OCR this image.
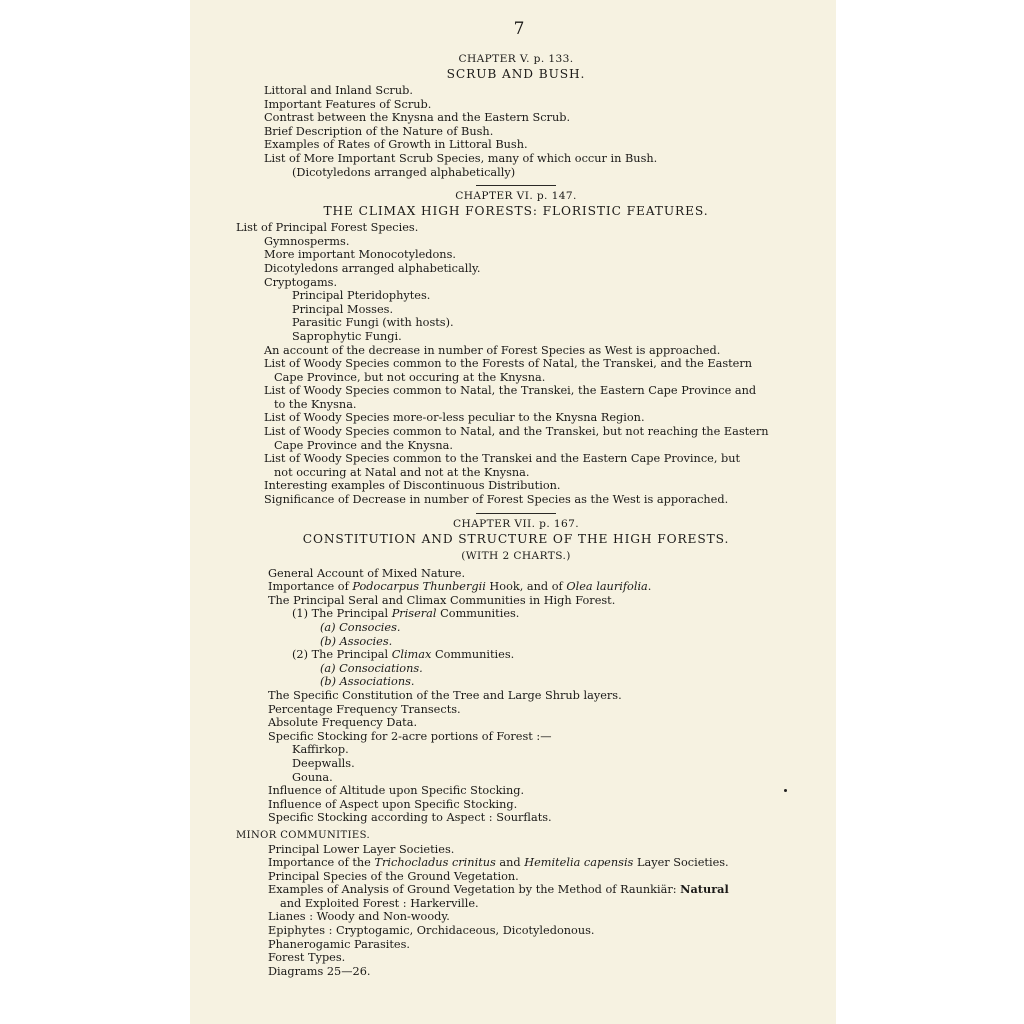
7
CHAPTER V. p. 133.
SCRUB AND BUSH.
Littoral and Inland Scrub.
Important Features of Scrub.
Contrast between the Knysna and the Eastern Scrub.
Brief Description of the Nature of Bush.
Examples of Rates of Growth in Littoral Bush.
List of More Important Scrub Species, many of which occur in Bush.
(Dicotyledons arranged alphabetically)
CHAPTER VI. p. 147.
THE CLIMAX HIGH FORESTS: FLORISTIC FEATURES.
List of Principal Forest Species.
Gymnosperms.
More important Monocotyledons.
Dicotyledons arranged alphabetically.
Cryptogams.
Principal Pteridophytes.
Principal Mosses.
Parasitic Fungi (with hosts).
Saprophytic Fungi.
An account of the decrease in number of Forest Species as West is approached.
List of Woody Species common to the Forests of Natal, the Transkei, and the Eastern
Cape Province, but not occuring at the Knysna.
List of Woody Species common to Natal, the Transkei, the Eastern Cape Province and
to the Knysna.
List of Woody Species more-or-less peculiar to the Knysna Region.
List of Woody Species common to Natal, and the Transkei, but not reaching the Eastern
Cape Province and the Knysna.
List of Woody Species common to the Transkei and the Eastern Cape Province, but
not occuring at Natal and not at the Knysna.
Interesting examples of Discontinuous Distribution.
Significance of Decrease in number of Forest Species as the West is apporached.
CHAPTER VII. p. 167.
CONSTITUTION AND STRUCTURE OF THE HIGH FORESTS.
(WITH 2 CHARTS.)
General Account of Mixed Nature.
Importance of Podocarpus Thunbergii Hook, and of Olea laurifolia.
The Principal Seral and Climax Communities in High Forest.
(1) The Principal Priseral Communities.
(a) Consocies.
(b) Associes.
(2) The Principal Climax Communities.
(a) Consociations.
(b) Associations.
The Specific Constitution of the Tree and Large Shrub layers.
Percentage Frequency Transects.
Absolute Frequency Data.
Specific Stocking for 2-acre portions of Forest :—
Kaffirkop.
Deepwalls.
Gouna.
Influence of Altitude upon Specific Stocking.
Influence of Aspect upon Specific Stocking.
Specific Stocking according to Aspect : Sourflats.
MINOR COMMUNITIES.
Principal Lower Layer Societies.
Importance of the Trichocladus crinitus and Hemitelia capensis Layer Societies.
Principal Species of the Ground Vegetation.
Examples of Analysis of Ground Vegetation by the Method of Raunkiär: Natural
and Exploited Forest : Harkerville.
Lianes : Woody and Non-woody.
Epiphytes : Cryptogamic, Orchidaceous, Dicotyledonous.
Phanerogamic Parasites.
Forest Types.
Diagrams 25—26.
